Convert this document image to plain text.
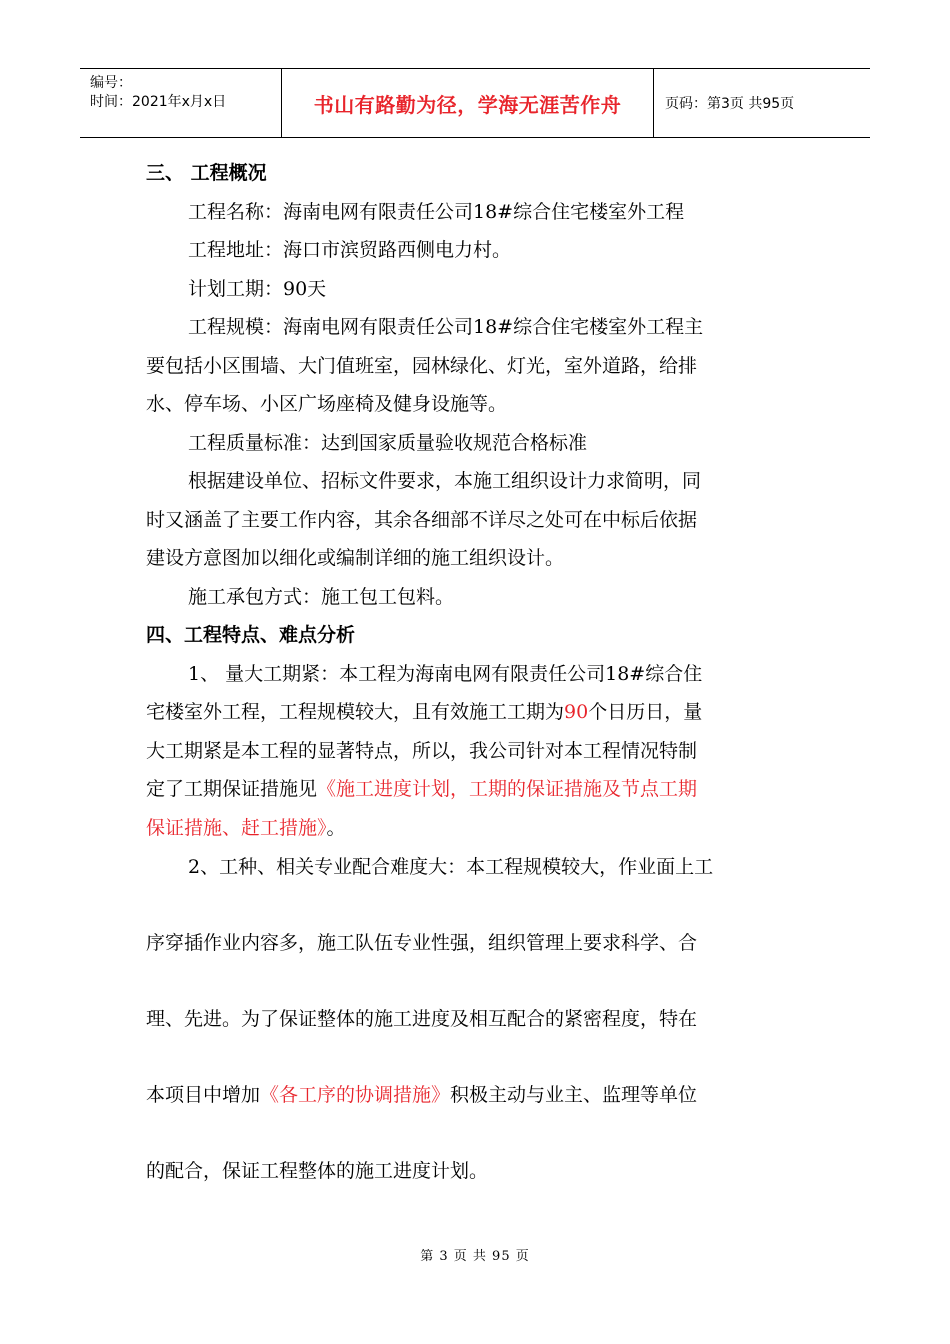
编号：
时间：2021年x月x日	书山有路勤为径，学海无涯苦作舟	页码：第3页 共95页
三、 工程概况
工程名称：海南电网有限责任公司18#综合住宅楼室外工程
工程地址：海口市滨贸路西侧电力村。
计划工期：90天
工程规模：海南电网有限责任公司18#综合住宅楼室外工程主
要包括小区围墙、大门值班室，园林绿化、灯光，室外道路，给排
水、停车场、小区广场座椅及健身设施等。
工程质量标准：达到国家质量验收规范合格标准
根据建设单位、招标文件要求，本施工组织设计力求简明，同
时又涵盖了主要工作内容，其余各细部不详尽之处可在中标后依据
建设方意图加以细化或编制详细的施工组织设计。
施工承包方式：施工包工包料。
四、工程特点、难点分析
1、 量大工期紧：本工程为海南电网有限责任公司18#综合住
宅楼室外工程，工程规模较大，且有效施工工期为90个日历日，量
大工期紧是本工程的显著特点，所以，我公司针对本工程情况特制
定了工期保证措施见《施工进度计划，工期的保证措施及节点工期
保证措施、赶工措施》。
2、工种、相关专业配合难度大：本工程规模较大，作业面上工
序穿插作业内容多，施工队伍专业性强，组织管理上要求科学、合
理、先进。为了保证整体的施工进度及相互配合的紧密程度，特在
本项目中增加《各工序的协调措施》积极主动与业主、监理等单位
的配合，保证工程整体的施工进度计划。
第 3 页 共 95 页
